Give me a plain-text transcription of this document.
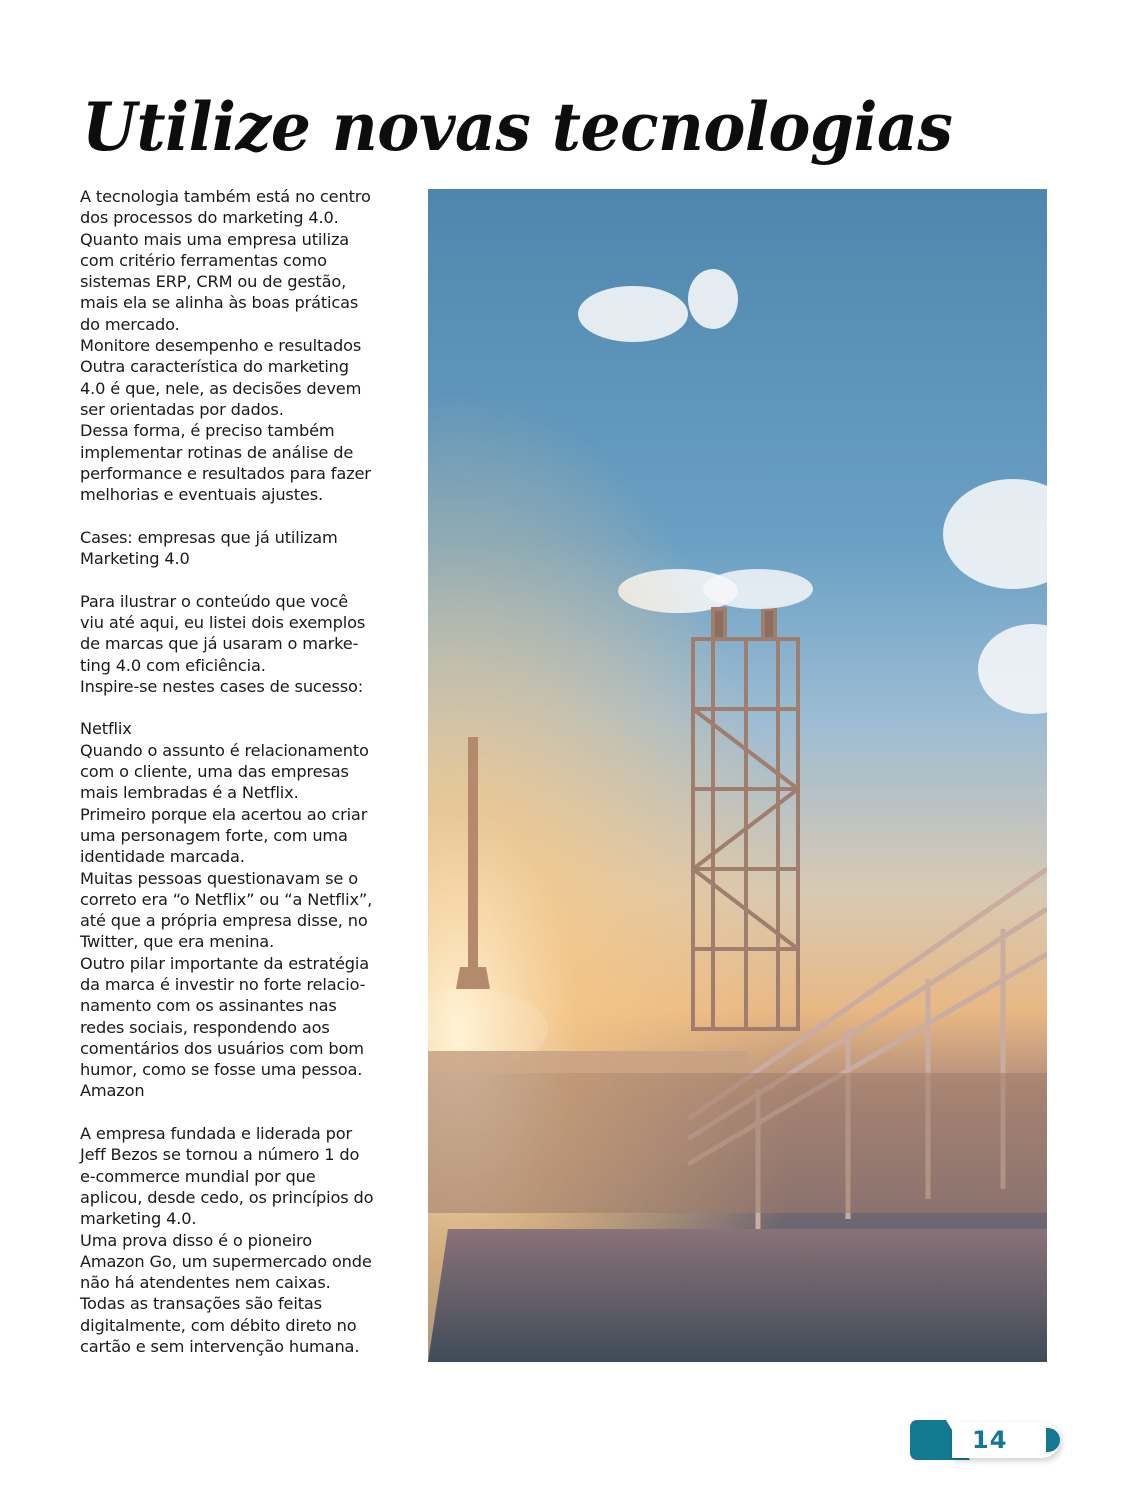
Utilize novas tecnologias

A tecnologia também está no centro

dos processos do marketing 4.0.

Quanto mais uma empresa utiliza

com critério ferramentas como

sistemas ERP, CRM ou de gestão,

mais ela se alinha às boas práticas

do mercado.

Monitore desempenho e resultados

Outra característica do marketing

4.0 é que, nele, as decisões devem

ser orientadas por dados.

Dessa forma, é preciso também

implementar rotinas de análise de

performance e resultados para fazer

melhorias e eventuais ajustes.

Cases: empresas que já utilizam

Marketing 4.0

Para ilustrar o conteúdo que você

viu até aqui, eu listei dois exemplos

de marcas que já usaram o marke-

ting 4.0 com eficiência.

Inspire-se nestes cases de sucesso:

Netflix

Quando o assunto é relacionamento

com o cliente, uma das empresas

mais lembradas é a Netflix.

Primeiro porque ela acertou ao criar

uma personagem forte, com uma

identidade marcada.

Muitas pessoas questionavam se o

correto era “o Netflix” ou “a Netflix”,

até que a própria empresa disse, no

Twitter, que era menina.

Outro pilar importante da estratégia

da marca é investir no forte relacio-

namento com os assinantes nas

redes sociais, respondendo aos

comentários dos usuários com bom

humor, como se fosse uma pessoa.

Amazon

A empresa fundada e liderada por

Jeff Bezos se tornou a número 1 do

e-commerce mundial por que

aplicou, desde cedo, os princípios do

marketing 4.0.

Uma prova disso é o pioneiro

Amazon Go, um supermercado onde

não há atendentes nem caixas.

Todas as transações são feitas

digitalmente, com débito direto no

cartão e sem intervenção humana.

14
